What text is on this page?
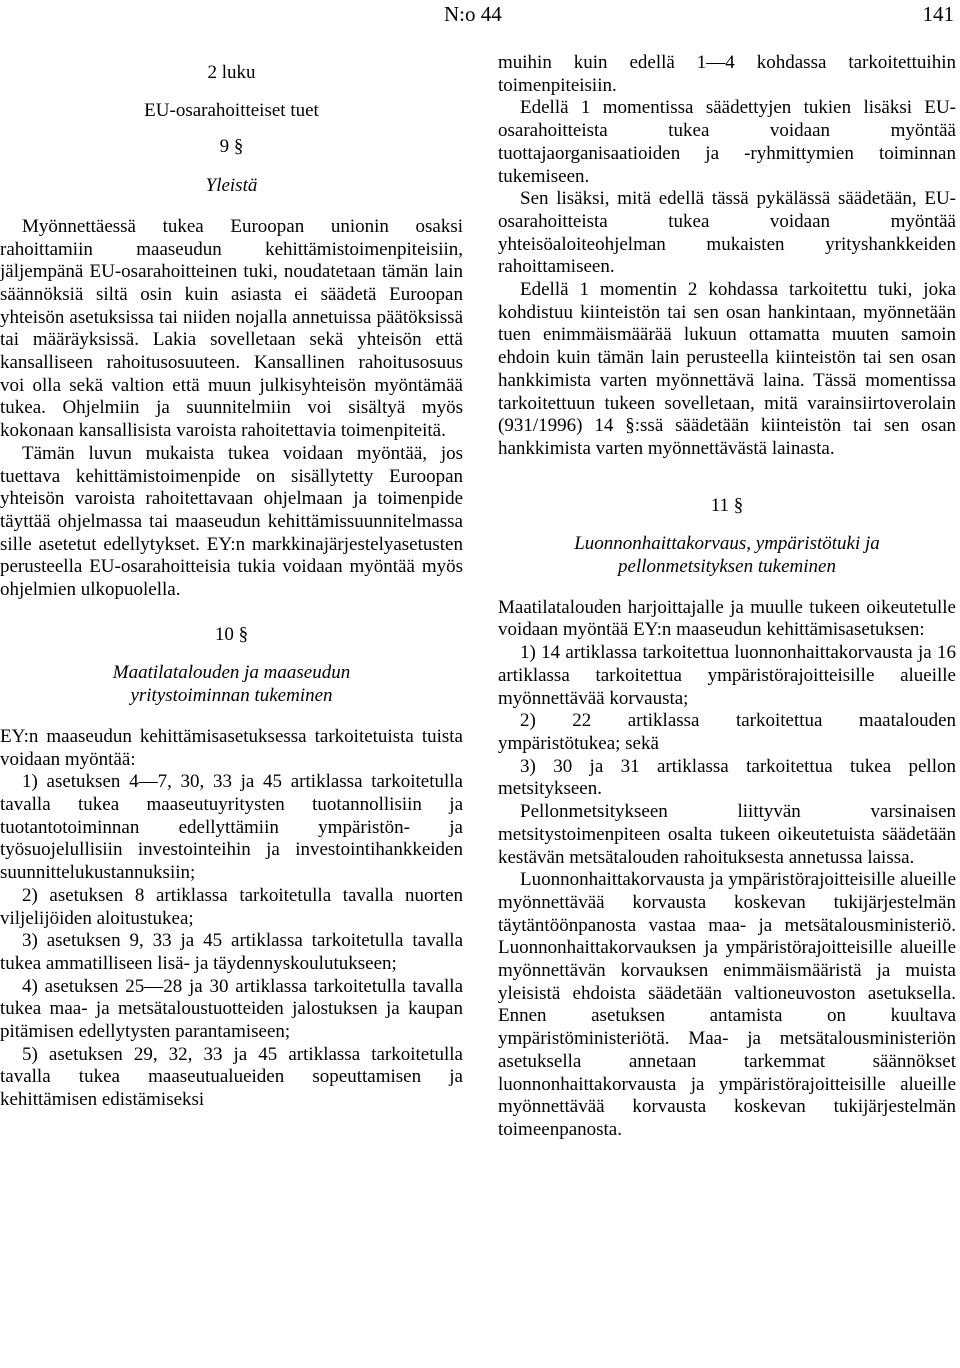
N:o 44	141
2 luku
EU-osarahoitteiset tuet
9 §
Yleistä

Myönnettäessä tukea Euroopan unionin osaksi rahoittamiin maaseudun kehittämistoimenpiteisiin, jäljempänä EU-osarahoitteinen tuki, noudatetaan tämän lain säännöksiä siltä osin kuin asiasta ei säädetä Euroopan yhteisön asetuksissa tai niiden nojalla annetuissa päätöksissä tai määräyksissä. Lakia sovelletaan sekä yhteisön että kansalliseen rahoitusosuuteen. Kansallinen rahoitusosuus voi olla sekä valtion että muun julkisyhteisön myöntämää tukea. Ohjelmiin ja suunnitelmiin voi sisältyä myös kokonaan kansallisista varoista rahoitettavia toimenpiteitä.

Tämän luvun mukaista tukea voidaan myöntää, jos tuettava kehittämistoimenpide on sisällytetty Euroopan yhteisön varoista rahoitettavaan ohjelmaan ja toimenpide täyttää ohjelmassa tai maaseudun kehittämissuunnitelmassa sille asetetut edellytykset. EY:n markkinajärjestelyasetusten perusteella EU-osarahoitteisia tukia voidaan myöntää myös ohjelmien ulkopuolella.

10 §
Maatilatalouden ja maaseudun
yritystoiminnan tukeminen

EY:n maaseudun kehittämisasetuksessa tarkoitetuista tuista voidaan myöntää:

1) asetuksen 4—7, 30, 33 ja 45 artiklassa tarkoitetulla tavalla tukea maaseutuyritysten tuotannollisiin ja tuotantotoiminnan edellyttämiin ympäristön- ja työsuojelullisiin investointeihin ja investointihankkeiden suunnittelukustannuksiin;

2) asetuksen 8 artiklassa tarkoitetulla tavalla nuorten viljelijöiden aloitustukea;

3) asetuksen 9, 33 ja 45 artiklassa tarkoitetulla tavalla tukea ammatilliseen lisä- ja täydennyskoulutukseen;

4) asetuksen 25—28 ja 30 artiklassa tarkoitetulla tavalla tukea maa- ja metsätaloustuotteiden jalostuksen ja kaupan pitämisen edellytysten parantamiseen;

5) asetuksen 29, 32, 33 ja 45 artiklassa tarkoitetulla tavalla tukea maaseutualueiden sopeuttamisen ja kehittämisen edistämiseksi

muihin kuin edellä 1—4 kohdassa tarkoitettuihin toimenpiteisiin.

Edellä 1 momentissa säädettyjen tukien lisäksi EU-osarahoitteista tukea voidaan myöntää tuottajaorganisaatioiden ja -ryhmittymien toiminnan tukemiseen.

Sen lisäksi, mitä edellä tässä pykälässä säädetään, EU-osarahoitteista tukea voidaan myöntää yhteisöaloiteohjelman mukaisten yrityshankkeiden rahoittamiseen.

Edellä 1 momentin 2 kohdassa tarkoitettu tuki, joka kohdistuu kiinteistön tai sen osan hankintaan, myönnetään tuen enimmäismäärää lukuun ottamatta muuten samoin ehdoin kuin tämän lain perusteella kiinteistön tai sen osan hankkimista varten myönnettävä laina. Tässä momentissa tarkoitettuun tukeen sovelletaan, mitä varainsiirtoverolain (931/1996) 14 §:ssä säädetään kiinteistön tai sen osan hankkimista varten myönnettävästä lainasta.

11 §
Luonnonhaittakorvaus, ympäristötuki ja
pellonmetsityksen tukeminen

Maatilatalouden harjoittajalle ja muulle tukeen oikeutetulle voidaan myöntää EY:n maaseudun kehittämisasetuksen:

1) 14 artiklassa tarkoitettua luonnonhaittakorvausta ja 16 artiklassa tarkoitettua ympäristörajoitteisille alueille myönnettävää korvausta;

2) 22 artiklassa tarkoitettua maatalouden ympäristötukea; sekä

3) 30 ja 31 artiklassa tarkoitettua tukea pellon metsitykseen.

Pellonmetsitykseen liittyvän varsinaisen metsitystoimenpiteen osalta tukeen oikeutetuista säädetään kestävän metsätalouden rahoituksesta annetussa laissa.

Luonnonhaittakorvausta ja ympäristörajoitteisille alueille myönnettävää korvausta koskevan tukijärjestelmän täytäntöönpanosta vastaa maa- ja metsätalousministeriö. Luonnonhaittakorvauksen ja ympäristörajoitteisille alueille myönnettävän korvauksen enimmäismääristä ja muista yleisistä ehdoista säädetään valtioneuvoston asetuksella. Ennen asetuksen antamista on kuultava ympäristöministeriötä. Maa- ja metsätalousministeriön asetuksella annetaan tarkemmat säännökset luonnonhaittakorvausta ja ympäristörajoitteisille alueille myönnettävää korvausta koskevan tukijärjestelmän toimeenpanosta.
